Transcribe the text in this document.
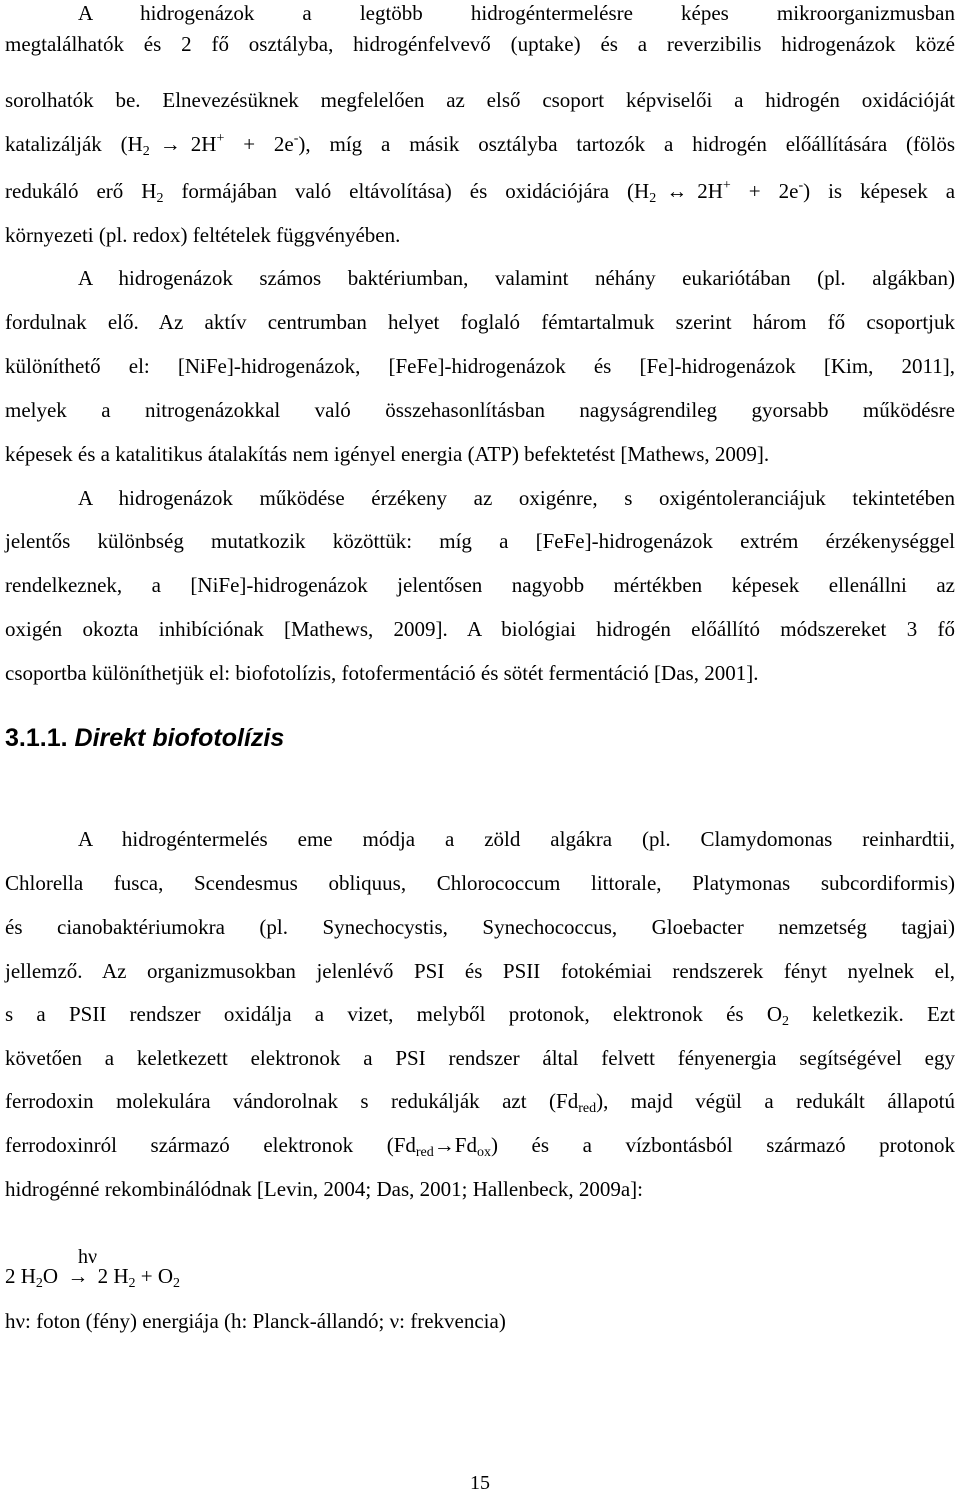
A hidrogenázok a legtöbb hidrogéntermelésre képes mikroorganizmusban
megtalálhatók és 2 fő osztályba, hidrogénfelvevő (uptake) és a reverzibilis hidrogenázok közé
sorolhatók be. Elnevezésüknek megfelelően az első csoport képviselői a hidrogén oxidációját
katalizálják $(H_2 \to 2H^+ + 2e^-)$, míg a másik osztályba tartozók a hidrogén előállítására (fölös
redukáló erő $H_2$ formájában való eltávolítása) és oxidációjára ($H_2$ ↔ 2H+ + 2e-) is képesek a
környezeti (pl. redox) feltételek függvényében.
A hidrogenázok számos baktériumban, valamint néhány eukariótában (pl. algákban)
fordulnak elő. Az aktív centrumban helyet foglaló fémtartalmuk szerint három fő csoportjuk
különíthető el: [NiFe]-hidrogenázok, [FeFe]-hidrogenázok és [Fe]-hidrogenázok [Kim, 2011],
melyek a nitrogenázokkal való összehasonlításban nagyságrendileg gyorsabb működésre
képesek és a katalitikus átalakítás nem igényel energia (ATP) befektetést [Mathews, 2009].
A hidrogenázok működése érzékeny az oxigénre, s oxigéntoleranciájuk tekintetében
jelentős különbség mutatkozik közöttük: míg a [FeFe]-hidrogenázok extrém érzékenységgel
rendelkeznek, a [NiFe]-hidrogenázok jelentősen nagyobb mértékben képesek ellenállni az
oxigén okozta inhibíciónak [Mathews, 2009]. A biológiai hidrogén előállító módszereket 3 fő
csoportba különíthetjük el: biofotolízis, fotofermentáció és sötét fermentáció [Das, 2001].
3.1.1. Direkt biofotolízis
A hidrogéntermelés eme módja a zöld algákra (pl. Clamydomonas reinhardtii,
Chlorella fusca, Scendesmus obliquus, Chlorococcum littorale, Platymonas subcordiformis)
és cianobaktériumokra (pl. Synechocystis, Synechococcus, Gloebacter nemzetség tagjai)
jellemző. Az organizmusokban jelenlévő PSI és PSII fotokémiai rendszerek fényt nyelnek el,
s a PSII rendszer oxidálja a vizet, melyből protonok, elektronok és $O_2$ keletkezik. Ezt
követően a keletkezett elektronok a PSI rendszer által felvett fényenergia segítségével egy
ferrodoxin molekulára vándorolnak s redukálják azt $(Fd_{red})$, majd végül a redukált állapotú
ferrodoxinról származó elektronok $(Fd_{red}\to Fd_{ox})$ és a vízbontásból származó protonok
hidrogénné rekombinálódnak [Levin, 2004; Das, 2001; Hallenbeck, 2009a]:
hν
2 $H_2O \to 2$ $H_2 + O_2$
hν: foton (fény) energiája (h: Planck-állandó; ν: frekvencia)
15
